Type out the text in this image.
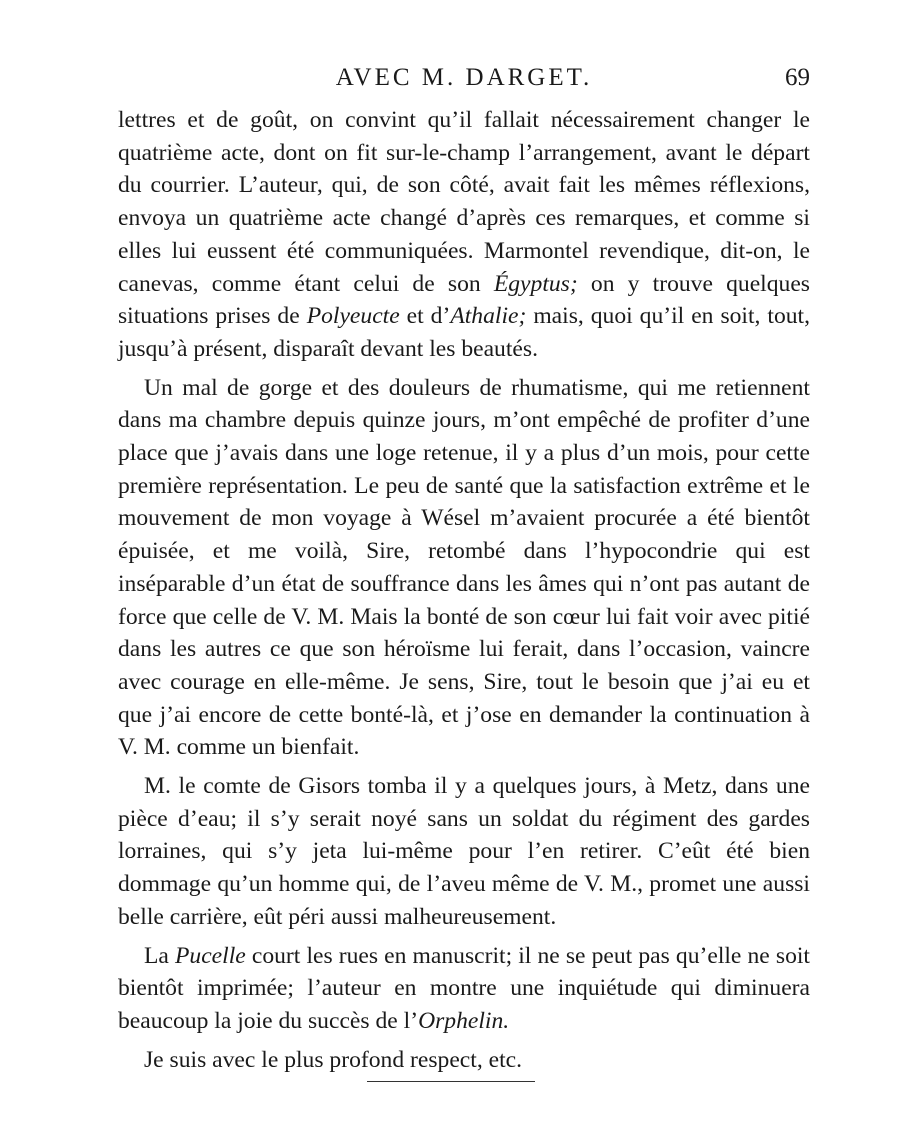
AVEC M. DARGET.	69

lettres et de goût, on convint qu’il fallait nécessairement changer le quatrième acte, dont on fit sur-le-champ l’arrangement, avant le départ du courrier. L’auteur, qui, de son côté, avait fait les mêmes réflexions, envoya un quatrième acte changé d’après ces remarques, et comme si elles lui eussent été communiquées. Marmontel revendique, dit-on, le canevas, comme étant celui de son Égyptus; on y trouve quelques situations prises de Polyeucte et d’Athalie; mais, quoi qu’il en soit, tout, jusqu’à présent, disparaît devant les beautés.

Un mal de gorge et des douleurs de rhumatisme, qui me retiennent dans ma chambre depuis quinze jours, m’ont empêché de profiter d’une place que j’avais dans une loge retenue, il y a plus d’un mois, pour cette première représentation. Le peu de santé que la satisfaction extrême et le mouvement de mon voyage à Wésel m’avaient procurée a été bientôt épuisée, et me voilà, Sire, retombé dans l’hypocondrie qui est inséparable d’un état de souffrance dans les âmes qui n’ont pas autant de force que celle de V. M. Mais la bonté de son cœur lui fait voir avec pitié dans les autres ce que son héroïsme lui ferait, dans l’occasion, vaincre avec courage en elle-même. Je sens, Sire, tout le besoin que j’ai eu et que j’ai encore de cette bonté-là, et j’ose en demander la continuation à V. M. comme un bienfait.

M. le comte de Gisors tomba il y a quelques jours, à Metz, dans une pièce d’eau; il s’y serait noyé sans un soldat du régiment des gardes lorraines, qui s’y jeta lui-même pour l’en retirer. C’eût été bien dommage qu’un homme qui, de l’aveu même de V. M., promet une aussi belle carrière, eût péri aussi malheureusement.

La Pucelle court les rues en manuscrit; il ne se peut pas qu’elle ne soit bientôt imprimée; l’auteur en montre une inquiétude qui diminuera beaucoup la joie du succès de l’Orphelin.

Je suis avec le plus profond respect, etc.
